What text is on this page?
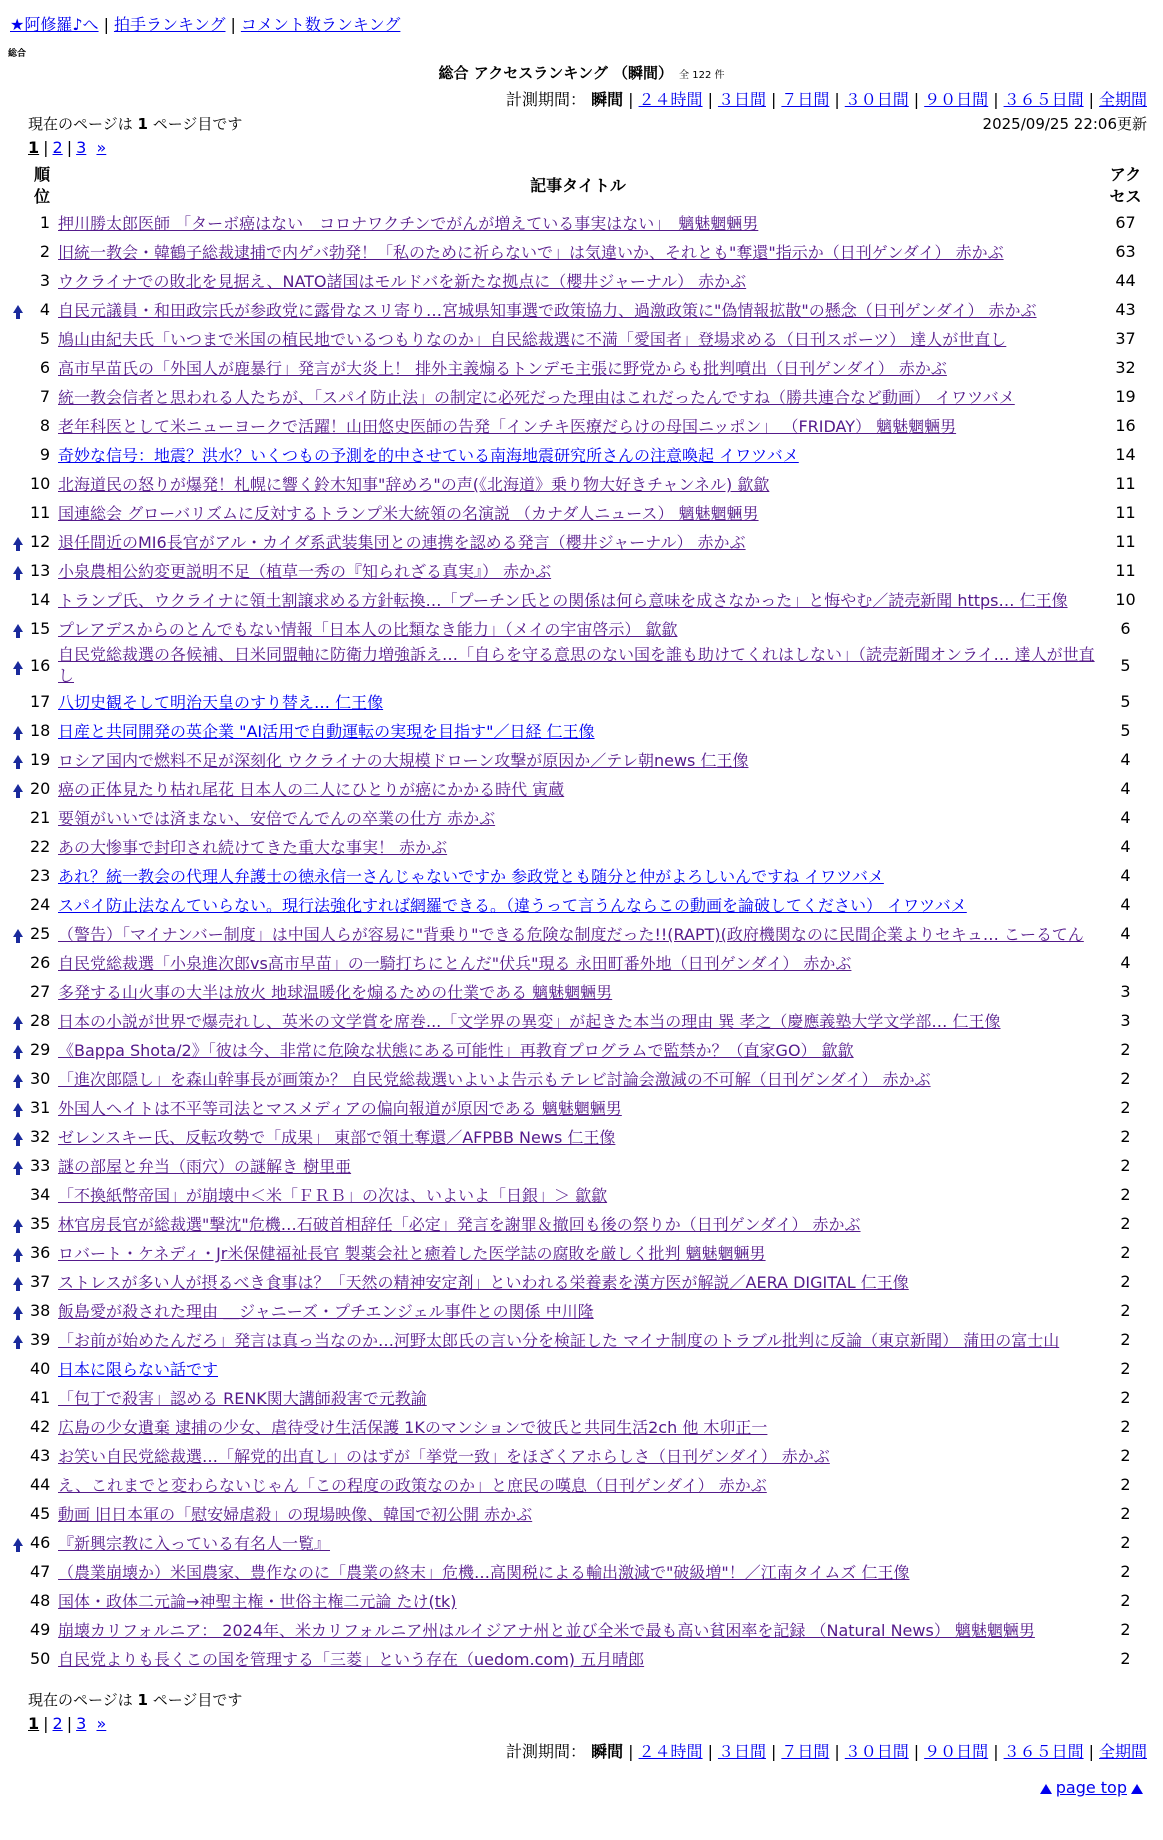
★阿修羅♪へ | 拍手ランキング | コメント数ランキング
総合
総合 アクセスランキング （瞬間） 全 122 件
計測期間： 瞬間 | ２４時間 | ３日間 | ７日間 | ３０日間 | ９０日間 | ３６５日間 | 全期間
現在のページは 1 ページ目です	2025/09/25 22:06更新
1 | 2 | 3 »
	順
位	記事タイトル	アク
セス
	1	押川勝太郎医師 「ターボ癌はない　コロナワクチンでがんが増えている事実はない」　魑魅魍魎男	67
	2	旧統一教会・韓鶴子総裁逮捕で内ゲバ勃発！「私のために祈らないで」は気違いか、それとも"奪還"指示か（日刊ゲンダイ） 赤かぶ	63
	3	ウクライナでの敗北を見据え、NATO諸国はモルドバを新たな拠点に（櫻井ジャーナル） 赤かぶ	44
	4	自民元議員・和田政宗氏が参政党に露骨なスリ寄り…宮城県知事選で政策協力、過激政策に"偽情報拡散"の懸念（日刊ゲンダイ） 赤かぶ	43
	5	鳩山由紀夫氏「いつまで米国の植民地でいるつもりなのか」自民総裁選に不満「愛国者」登場求める（日刊スポーツ） 達人が世直し	37
	6	高市早苗氏の「外国人が鹿暴行」発言が大炎上！ 排外主義煽るトンデモ主張に野党からも批判噴出（日刊ゲンダイ） 赤かぶ	32
	7	統一教会信者と思われる人たちが、「スパイ防止法」の制定に必死だった理由はこれだったんですね（勝共連合など動画） イワツバメ	19
	8	老年科医として米ニューヨークで活躍！山田悠史医師の告発「インチキ医療だらけの母国ニッポン」 （FRIDAY） 魑魅魍魎男	16
	9	奇妙な信号：地震？洪水？いくつもの予測を的中させている南海地震研究所さんの注意喚起 イワツバメ	14
	10	北海道民の怒りが爆発！札幌に響く鈴木知事"辞めろ"の声(《北海道》乗り物大好きチャンネル) 歙歙	11
	11	国連総会 グローバリズムに反対するトランプ米大統領の名演説 （カナダ人ニュース） 魑魅魍魎男	11
	12	退任間近のMI6長官がアル・カイダ系武装集団との連携を認める発言（櫻井ジャーナル） 赤かぶ	11
	13	小泉農相公約変更説明不足（植草一秀の『知られざる真実』） 赤かぶ	11
	14	トランプ氏、ウクライナに領土割譲求める方針転換…「プーチン氏との関係は何ら意味を成さなかった」と悔やむ／読売新聞 https… 仁王像	10
	15	プレアデスからのとんでもない情報「日本人の比類なき能力」（メイの宇宙啓示） 歙歙	6
	16	自民党総裁選の各候補、日米同盟軸に防衛力増強訴え…「自らを守る意思のない国を誰も助けてくれはしない」（読売新聞オンライ… 達人が世直し	5
	17	八切史観そして明治天皇のすり替え… 仁王像	5
	18	日産と共同開発の英企業 "AI活用で自動運転の実現を目指す"／日経 仁王像	5
	19	ロシア国内で燃料不足が深刻化 ウクライナの大規模ドローン攻撃が原因か／テレ朝news 仁王像	4
	20	癌の正体見たり枯れ尾花 日本人の二人にひとりが癌にかかる時代 寅蔵	4
	21	要領がいいでは済まない、安倍でんでんの卒業の仕方 赤かぶ	4
	22	あの大惨事で封印され続けてきた重大な事実！ 赤かぶ	4
	23	あれ？統一教会の代理人弁護士の徳永信一さんじゃないですか 参政党とも随分と仲がよろしいんですね イワツバメ	4
	24	スパイ防止法なんていらない。現行法強化すれば網羅できる。（違うって言うんならこの動画を論破してください） イワツバメ	4
	25	（警告）「マイナンバー制度」は中国人らが容易に"背乗り"できる危険な制度だった!!(RAPT)(政府機関なのに民間企業よりセキュ… こーるてん	4
	26	自民党総裁選「小泉進次郎vs高市早苗」の一騎打ちにとんだ"伏兵"現る 永田町番外地（日刊ゲンダイ） 赤かぶ	4
	27	多発する山火事の大半は放火 地球温暖化を煽るための仕業である 魑魅魍魎男	3
	28	日本の小説が世界で爆売れし、英米の文学賞を席巻...「文学界の異変」が起きた本当の理由 巽 孝之（慶應義塾大学文学部… 仁王像	3
	29	《Bappa Shota/2》「彼は今、非常に危険な状態にある可能性」再教育プログラムで監禁か？（直家GO） 歙歙	2
	30	「進次郎隠し」を森山幹事長が画策か？ 自民党総裁選いよいよ告示もテレビ討論会激減の不可解（日刊ゲンダイ） 赤かぶ	2
	31	外国人ヘイトは不平等司法とマスメディアの偏向報道が原因である 魑魅魍魎男	2
	32	ゼレンスキー氏、反転攻勢で「成果」 東部で領土奪還／AFPBB News 仁王像	2
	33	謎の部屋と弁当（雨穴）の謎解き 樹里亜	2
	34	「不換紙幣帝国」が崩壊中＜米「ＦＲＢ」の次は、いよいよ「日銀」＞ 歙歙	2
	35	林官房長官が総裁選"撃沈"危機…石破首相辞任「必定」発言を謝罪＆撤回も後の祭りか（日刊ゲンダイ） 赤かぶ	2
	36	ロバート・ケネディ・Jr米保健福祉長官 製薬会社と癒着した医学誌の腐敗を厳しく批判 魑魅魍魎男	2
	37	ストレスが多い人が摂るべき食事は？「天然の精神安定剤」といわれる栄養素を漢方医が解説／AERA DIGITAL 仁王像	2
	38	飯島愛が殺された理由 ＿ジャニーズ・プチエンジェル事件との関係 中川隆	2
	39	「お前が始めたんだろ」発言は真っ当なのか…河野太郎氏の言い分を検証した マイナ制度のトラブル批判に反論（東京新聞） 蒲田の富士山	2
	40	日本に限らない話です	2
	41	「包丁で殺害」認める RENK関大講師殺害で元教諭	2
	42	広島の少女遺棄 逮捕の少女、虐待受け生活保護 1Kのマンションで彼氏と共同生活2ch 他 木卯正一	2
	43	お笑い自民党総裁選…「解党的出直し」のはずが「挙党一致」をほざくアホらしさ（日刊ゲンダイ） 赤かぶ	2
	44	え、これまでと変わらないじゃん「この程度の政策なのか」と庶民の嘆息（日刊ゲンダイ） 赤かぶ	2
	45	動画 旧日本軍の「慰安婦虐殺」の現場映像、韓国で初公開 赤かぶ	2
	46	『新興宗教に入っている有名人一覧』	2
	47	（農業崩壊か）米国農家、豊作なのに「農業の終末」危機…高関税による輸出激減で"破級増"！／江南タイムズ 仁王像	2
	48	国体・政体二元論→神聖主権・世俗主権二元論 たけ(tk)	2
	49	崩壊カリフォルニア： 2024年、米カリフォルニア州はルイジアナ州と並び全米で最も高い貧困率を記録 （Natural News） 魑魅魍魎男	2
	50	自民党よりも長くこの国を管理する「三菱」という存在（uedom.com) 五月晴郎	2
現在のページは 1 ページ目です
1 | 2 | 3 »
計測期間： 瞬間 | ２４時間 | ３日間 | ７日間 | ３０日間 | ９０日間 | ３６５日間 | 全期間
page top
